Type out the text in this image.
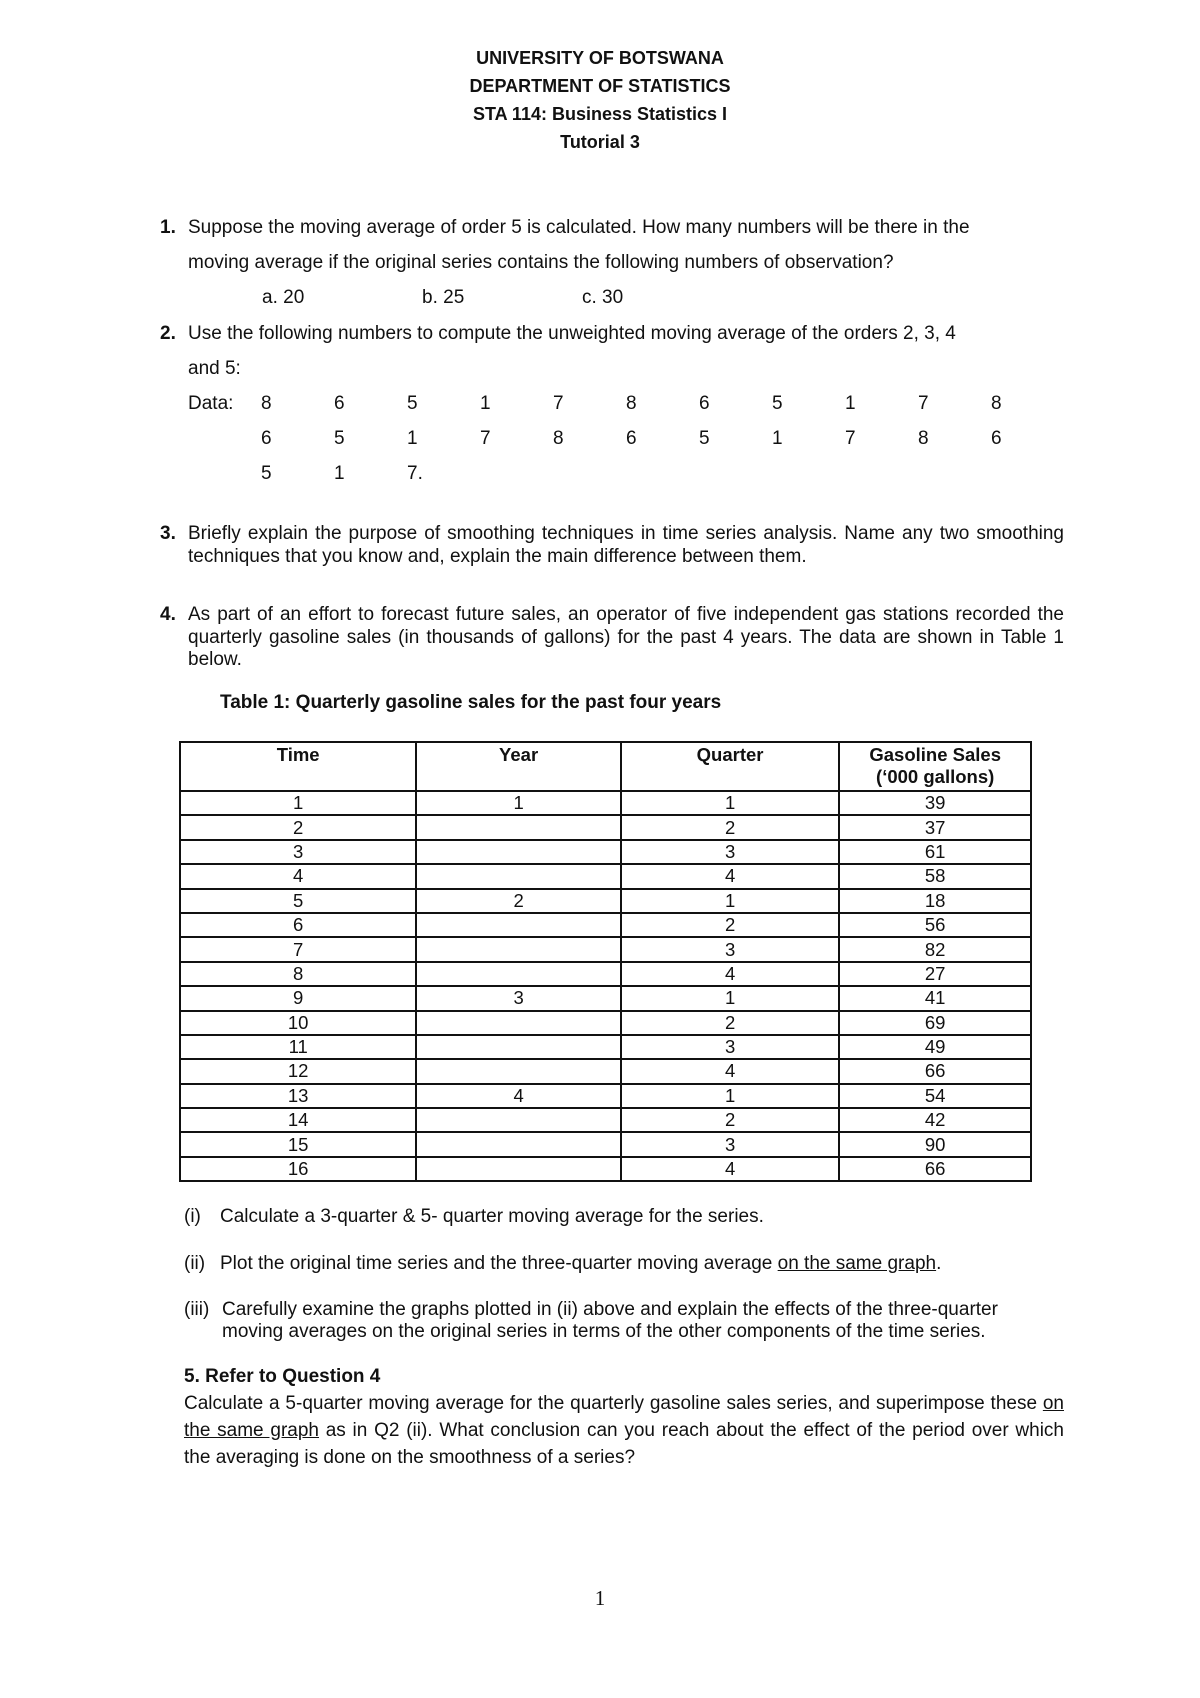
UNIVERSITY OF BOTSWANA
DEPARTMENT OF STATISTICS
STA 114: Business Statistics I
Tutorial 3
1. Suppose the moving average of order 5 is calculated. How many numbers will be there in the
moving average if the original series contains the following numbers of observation?
a. 20	b. 25	c. 30
2. Use the following numbers to compute the unweighted moving average of the orders 2, 3, 4
and 5:
Data: 8	6	5	1	7	8	6	5	1	7	8
6	5	1	7	8	6	5	1	7	8	6
5	1	7.
3. Briefly explain the purpose of smoothing techniques in time series analysis. Name any two smoothing techniques that you know and, explain the main difference between them.
4. As part of an effort to forecast future sales, an operator of five independent gas stations recorded the quarterly gasoline sales (in thousands of gallons) for the past 4 years. The data are shown in Table 1 below.
Table 1: Quarterly gasoline sales for the past four years
Time	Year	Quarter	Gasoline Sales
(‘000 gallons)

1	1	1	39
2		2	37
3		3	61
4		4	58
5	2	1	18
6		2	56
7		3	82
8		4	27
9	3	1	41
10		2	69
11		3	49
12		4	66
13	4	1	54
14		2	42
15		3	90
16		4	66
(i) Calculate a 3-quarter & 5- quarter moving average for the series.
(ii) Plot the original time series and the three-quarter moving average on the same graph.
(iii) Carefully examine the graphs plotted in (ii) above and explain the effects of the three-quarter moving averages on the original series in terms of the other components of the time series.
5. Refer to Question 4
Calculate a 5-quarter moving average for the quarterly gasoline sales series, and superimpose these on the same graph as in Q2 (ii). What conclusion can you reach about the effect of the period over which the averaging is done on the smoothness of a series?
1
